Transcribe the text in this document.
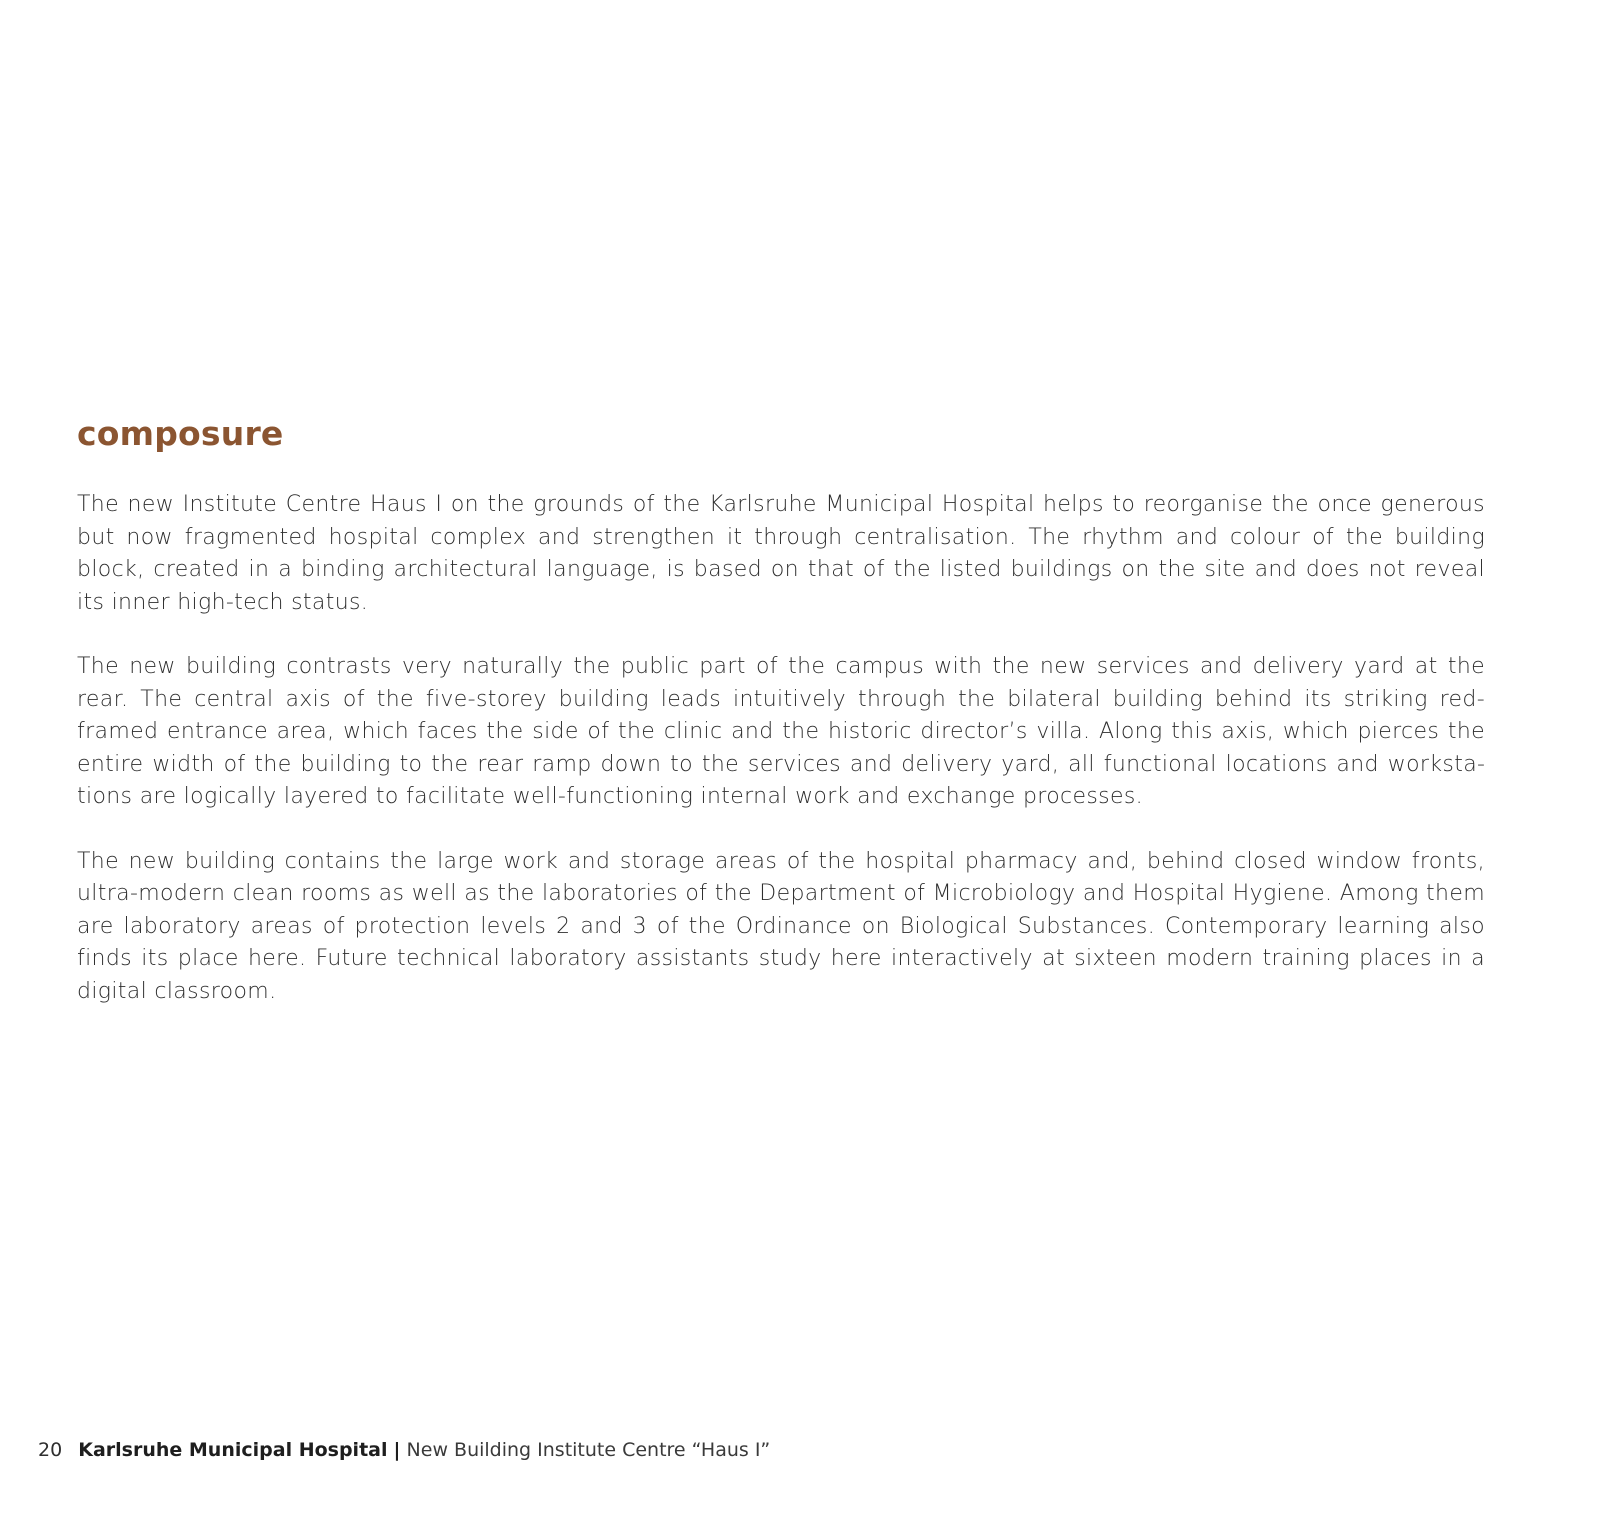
composure

The new Institute Centre Haus I on the grounds of the Karlsruhe Municipal Hospital helps to reorganise the once generous but now fragmented hospital complex and strengthen it through centralisation. The rhythm and colour of the building block, created in a binding architectural language, is based on that of the listed buildings on the site and does not reveal its inner high-tech status.

The new building contrasts very naturally the public part of the campus with the new services and delivery yard at the rear. The central axis of the five-storey building leads intuitively through the bilateral building behind its striking red-framed entrance area, which faces the side of the clinic and the historic director’s villa. Along this axis, which pierces the entire width of the building to the rear ramp down to the services and delivery yard, all functional locations and workstations are logically layered to facilitate well-functioning internal work and exchange processes.

The new building contains the large work and storage areas of the hospital pharmacy and, behind closed window fronts, ultra-modern clean rooms as well as the laboratories of the Department of Microbiology and Hospital Hygiene. Among them are laboratory areas of protection levels 2 and 3 of the Ordinance on Biological Substances. Contemporary learning also finds its place here. Future technical laboratory assistants study here interactively at sixteen modern training places in a digital classroom.

20 Karlsruhe Municipal Hospital | New Building Institute Centre “Haus I”
